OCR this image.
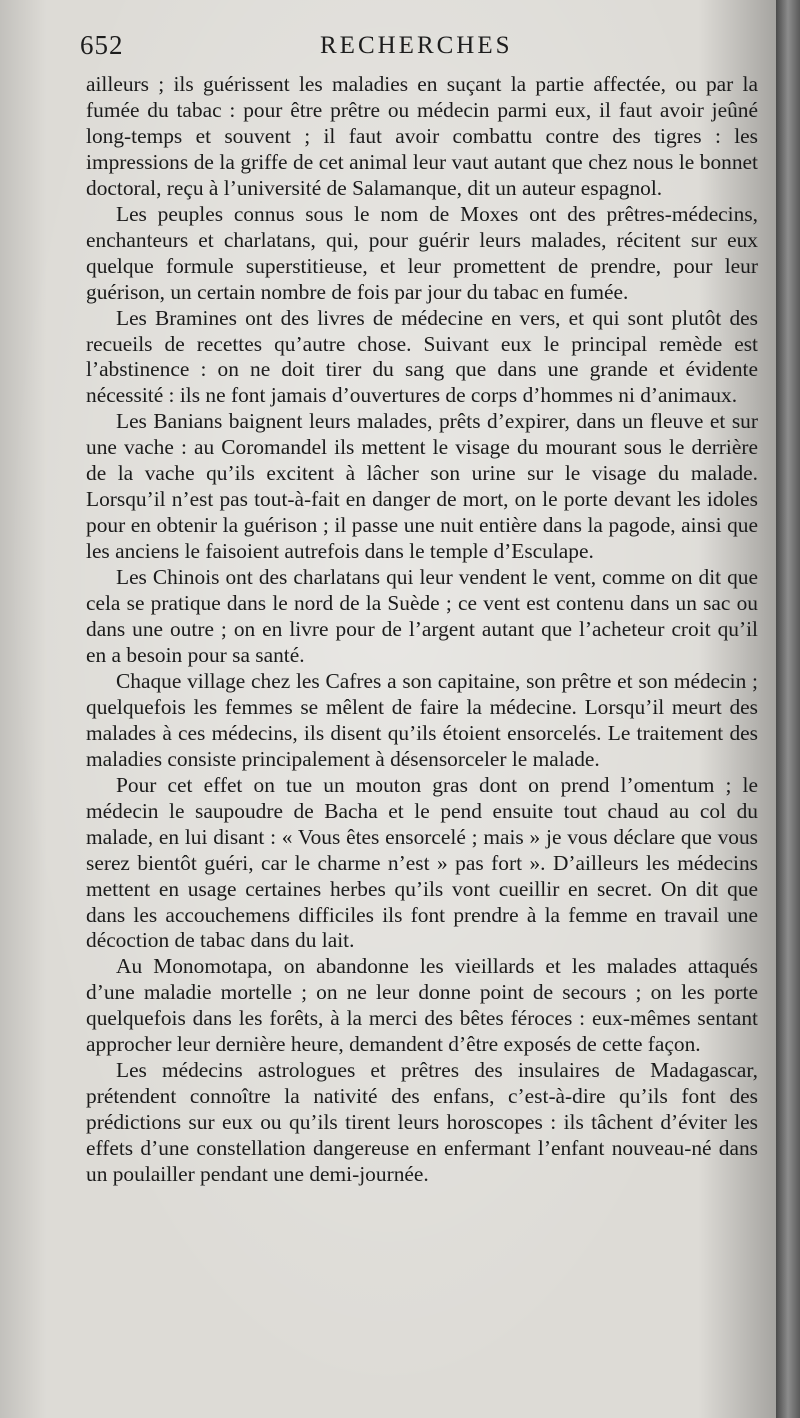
652	RECHERCHES

ailleurs ; ils guérissent les maladies en suçant la partie affectée, ou par la fumée du tabac : pour être prêtre ou médecin parmi eux, il faut avoir jeûné long-temps et souvent ; il faut avoir combattu contre des tigres : les impressions de la griffe de cet animal leur vaut autant que chez nous le bonnet doctoral, reçu à l’université de Salamanque, dit un auteur espagnol.

Les peuples connus sous le nom de Moxes ont des prêtres-médecins, enchanteurs et charlatans, qui, pour guérir leurs malades, récitent sur eux quelque formule superstitieuse, et leur promettent de prendre, pour leur guérison, un certain nombre de fois par jour du tabac en fumée.

Les Bramines ont des livres de médecine en vers, et qui sont plutôt des recueils de recettes qu’autre chose. Suivant eux le principal remède est l’abstinence : on ne doit tirer du sang que dans une grande et évidente nécessité : ils ne font jamais d’ouvertures de corps d’hommes ni d’animaux.

Les Banians baignent leurs malades, prêts d’expirer, dans un fleuve et sur une vache : au Coromandel ils mettent le visage du mourant sous le derrière de la vache qu’ils excitent à lâcher son urine sur le visage du malade. Lorsqu’il n’est pas tout-à-fait en danger de mort, on le porte devant les idoles pour en obtenir la guérison ; il passe une nuit entière dans la pagode, ainsi que les anciens le faisoient autrefois dans le temple d’Esculape.

Les Chinois ont des charlatans qui leur vendent le vent, comme on dit que cela se pratique dans le nord de la Suède ; ce vent est contenu dans un sac ou dans une outre ; on en livre pour de l’argent autant que l’acheteur croit qu’il en a besoin pour sa santé.

Chaque village chez les Cafres a son capitaine, son prêtre et son médecin ; quelquefois les femmes se mêlent de faire la médecine. Lorsqu’il meurt des malades à ces médecins, ils disent qu’ils étoient ensorcelés. Le traitement des maladies consiste principalement à désensorceler le malade.

Pour cet effet on tue un mouton gras dont on prend l’omentum ; le médecin le saupoudre de Bacha et le pend ensuite tout chaud au col du malade, en lui disant : « Vous êtes ensorcelé ; mais » je vous déclare que vous serez bientôt guéri, car le charme n’est » pas fort ». D’ailleurs les médecins mettent en usage certaines herbes qu’ils vont cueillir en secret. On dit que dans les accouchemens difficiles ils font prendre à la femme en travail une décoction de tabac dans du lait.

Au Monomotapa, on abandonne les vieillards et les malades attaqués d’une maladie mortelle ; on ne leur donne point de secours ; on les porte quelquefois dans les forêts, à la merci des bêtes féroces : eux-mêmes sentant approcher leur dernière heure, demandent d’être exposés de cette façon.

Les médecins astrologues et prêtres des insulaires de Madagascar, prétendent connoître la nativité des enfans, c’est-à-dire qu’ils font des prédictions sur eux ou qu’ils tirent leurs horoscopes : ils tâchent d’éviter les effets d’une constellation dangereuse en enfermant l’enfant nouveau-né dans un poulailler pendant une demi-journée.
